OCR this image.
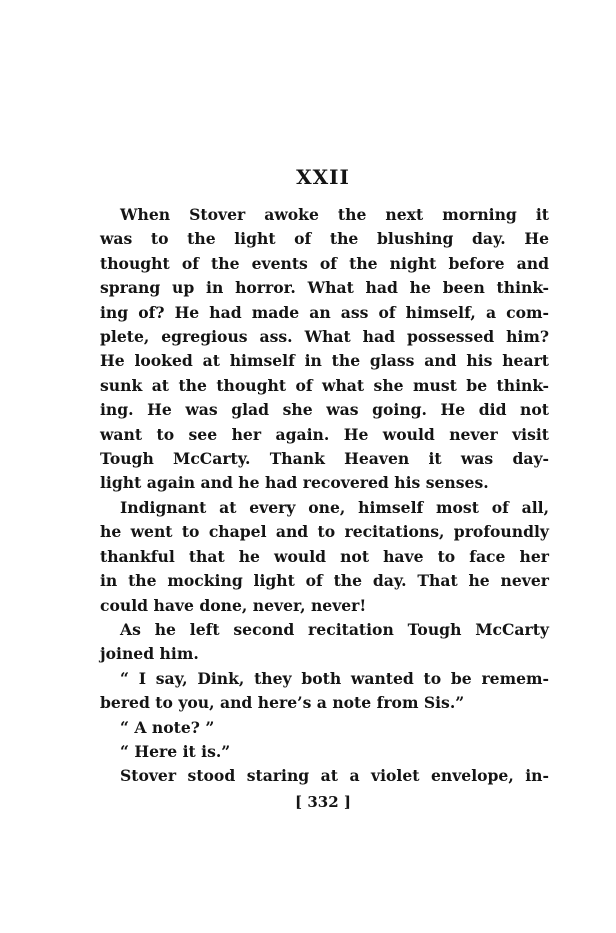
XXII
When Stover awoke the next morning it
was to the light of the blushing day. He
thought of the events of the night before and
sprang up in horror. What had he been think-
ing of? He had made an ass of himself, a com-
plete, egregious ass. What had possessed him?
He looked at himself in the glass and his heart
sunk at the thought of what she must be think-
ing. He was glad she was going. He did not
want to see her again. He would never visit
Tough McCarty. Thank Heaven it was day-
light again and he had recovered his senses.
Indignant at every one, himself most of all,
he went to chapel and to recitations, profoundly
thankful that he would not have to face her
in the mocking light of the day. That he never
could have done, never, never!
As he left second recitation Tough McCarty
joined him.
“ I say, Dink, they both wanted to be remem-
bered to you, and here’s a note from Sis.”
“ A note? ”
“ Here it is.”
Stover stood staring at a violet envelope, in-
[ 332 ]
